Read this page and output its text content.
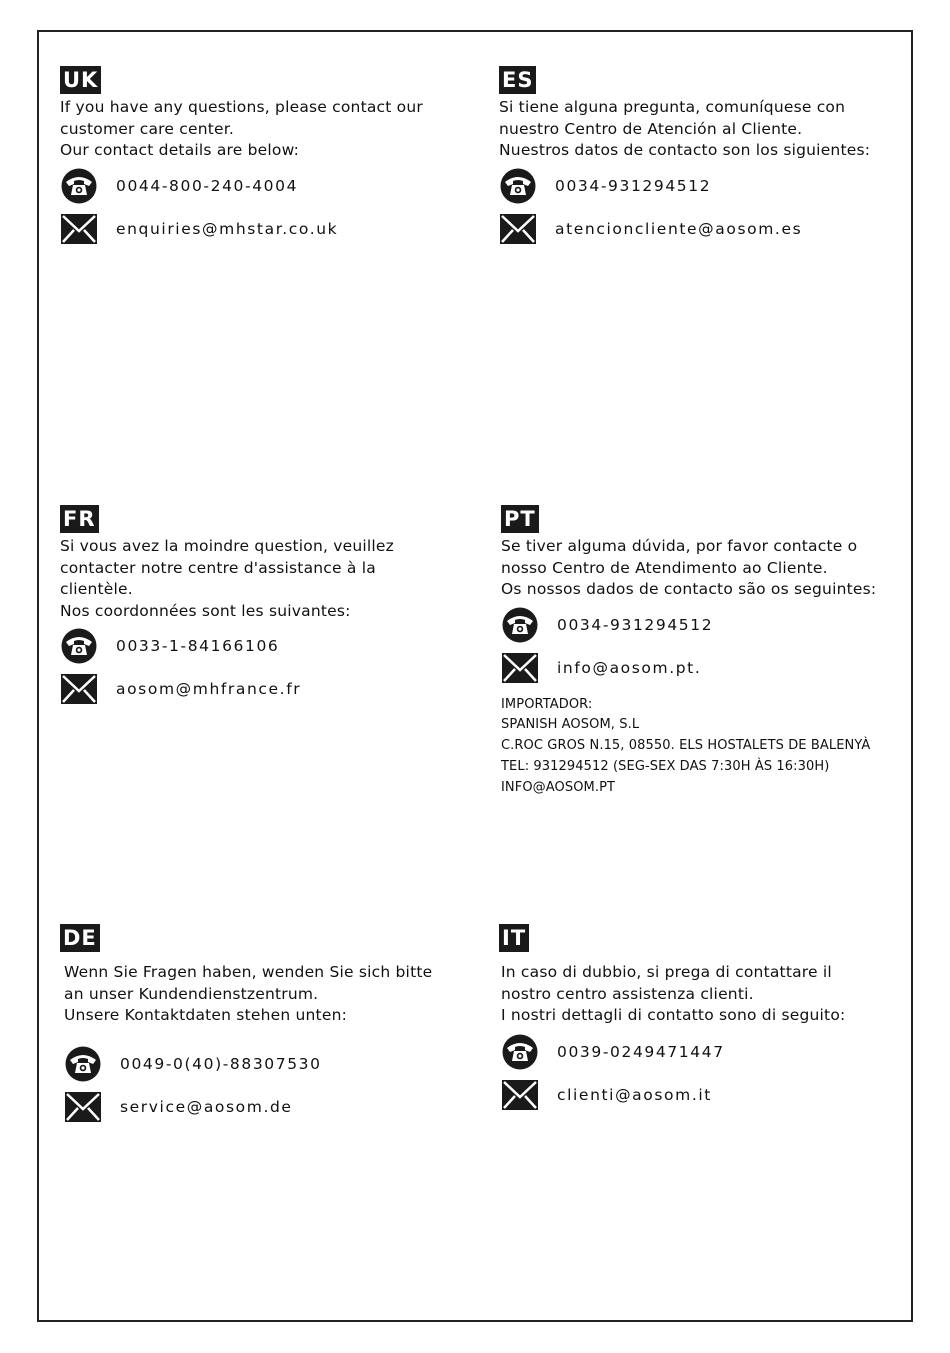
UK
If you have any questions, please contact our
customer care center.
Our contact details are below:
0044-800-240-4004
enquiries@mhstar.co.uk
ES
Si tiene alguna pregunta, comuníquese con
nuestro Centro de Atención al Cliente.
Nuestros datos de contacto son los siguientes:
0034-931294512
atencioncliente@aosom.es
FR
Si vous avez la moindre question, veuillez
contacter notre centre d'assistance à la
clientèle.
Nos coordonnées sont les suivantes:
0033-1-84166106
aosom@mhfrance.fr
PT
Se tiver alguma dúvida, por favor contacte o
nosso Centro de Atendimento ao Cliente.
Os nossos dados de contacto são os seguintes:
0034-931294512
info@aosom.pt.
IMPORTADOR:
SPANISH AOSOM, S.L
C.ROC GROS N.15, 08550. ELS HOSTALETS DE BALENYÀ
TEL: 931294512 (SEG-SEX DAS 7:30H ÀS 16:30H)
INFO@AOSOM.PT
DE
Wenn Sie Fragen haben, wenden Sie sich bitte
an unser Kundendienstzentrum.
Unsere Kontaktdaten stehen unten:
0049-0(40)-88307530
service@aosom.de
IT
In caso di dubbio, si prega di contattare il
nostro centro assistenza clienti.
I nostri dettagli di contatto sono di seguito:
0039-0249471447
clienti@aosom.it
